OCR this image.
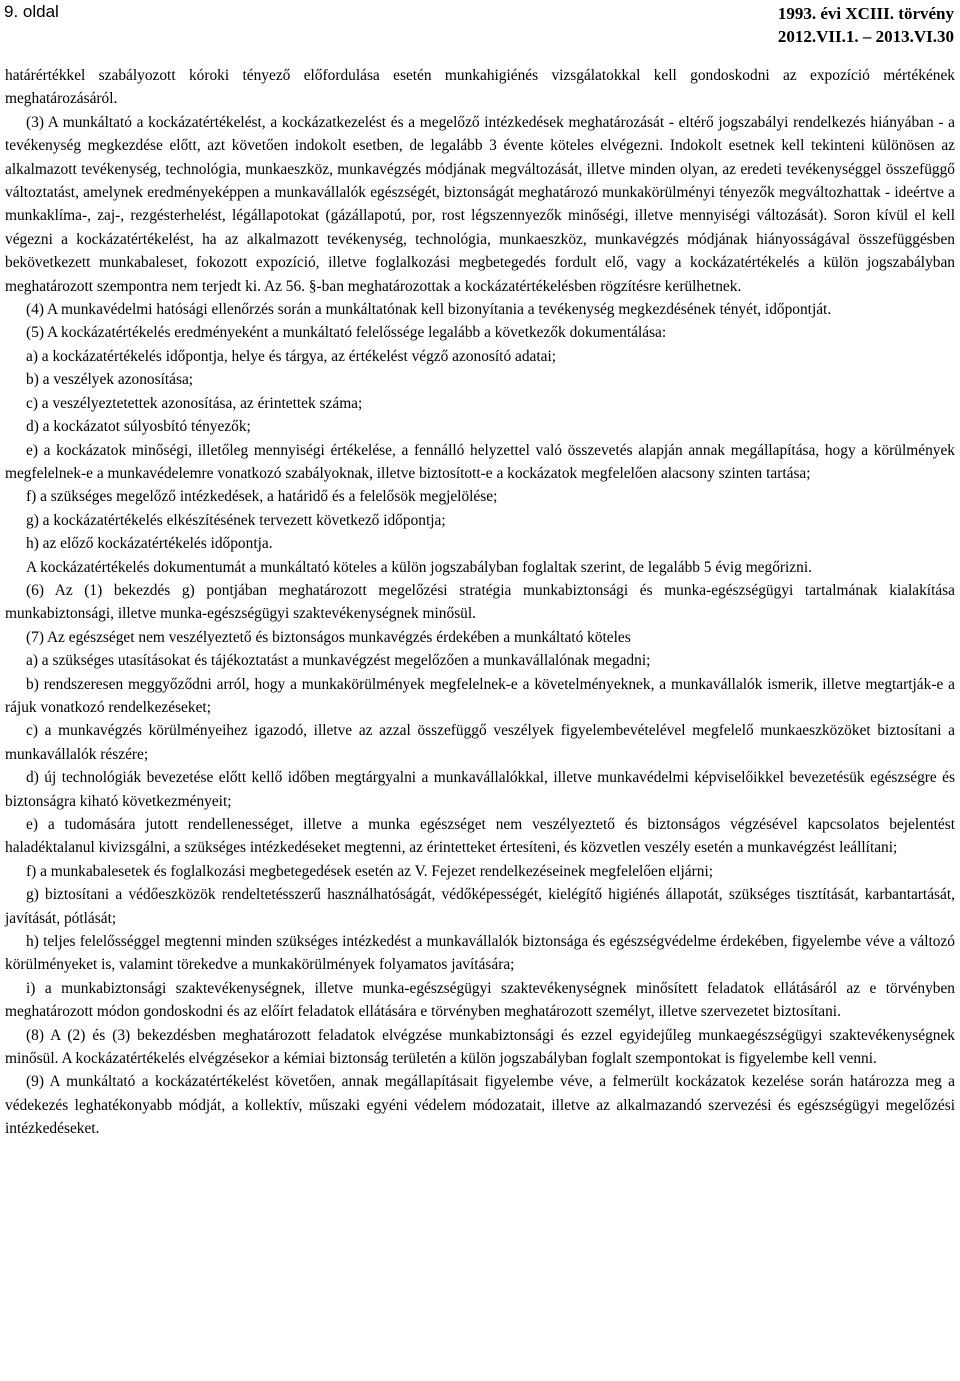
9. oldal	1993. évi XCIII. törvény
2012.VII.1. – 2013.VI.30

határértékkel szabályozott kóroki tényező előfordulása esetén munkahigiénés vizsgálatokkal kell gondoskodni az expozíció mértékének meghatározásáról.

(3) A munkáltató a kockázatértékelést, a kockázatkezelést és a megelőző intézkedések meghatározását - eltérő jogszabályi rendelkezés hiányában - a tevékenység megkezdése előtt, azt követően indokolt esetben, de legalább 3 évente köteles elvégezni. Indokolt esetnek kell tekinteni különösen az alkalmazott tevékenység, technológia, munkaeszköz, munkavégzés módjának megváltozását, illetve minden olyan, az eredeti tevékenységgel összefüggő változtatást, amelynek eredményeképpen a munkavállalók egészségét, biztonságát meghatározó munkakörülményi tényezők megváltozhattak - ideértve a munkaklíma-, zaj-, rezgésterhelést, légállapotokat (gázállapotú, por, rost légszennyezők minőségi, illetve mennyiségi változását). Soron kívül el kell végezni a kockázatértékelést, ha az alkalmazott tevékenység, technológia, munkaeszköz, munkavégzés módjának hiányosságával összefüggésben bekövetkezett munkabaleset, fokozott expozíció, illetve foglalkozási megbetegedés fordult elő, vagy a kockázatértékelés a külön jogszabályban meghatározott szempontra nem terjedt ki. Az 56. §-ban meghatározottak a kockázatértékelésben rögzítésre kerülhetnek.

(4) A munkavédelmi hatósági ellenőrzés során a munkáltatónak kell bizonyítania a tevékenység megkezdésének tényét, időpontját.

(5) A kockázatértékelés eredményeként a munkáltató felelőssége legalább a következők dokumentálása:

a) a kockázatértékelés időpontja, helye és tárgya, az értékelést végző azonosító adatai;

b) a veszélyek azonosítása;

c) a veszélyeztetettek azonosítása, az érintettek száma;

d) a kockázatot súlyosbító tényezők;

e) a kockázatok minőségi, illetőleg mennyiségi értékelése, a fennálló helyzettel való összevetés alapján annak megállapítása, hogy a körülmények megfelelnek-e a munkavédelemre vonatkozó szabályoknak, illetve biztosított-e a kockázatok megfelelően alacsony szinten tartása;

f) a szükséges megelőző intézkedések, a határidő és a felelősök megjelölése;

g) a kockázatértékelés elkészítésének tervezett következő időpontja;

h) az előző kockázatértékelés időpontja.

A kockázatértékelés dokumentumát a munkáltató köteles a külön jogszabályban foglaltak szerint, de legalább 5 évig megőrizni.

(6) Az (1) bekezdés g) pontjában meghatározott megelőzési stratégia munkabiztonsági és munka-egészségügyi tartalmának kialakítása munkabiztonsági, illetve munka-egészségügyi szaktevékenységnek minősül.

(7) Az egészséget nem veszélyeztető és biztonságos munkavégzés érdekében a munkáltató köteles

a) a szükséges utasításokat és tájékoztatást a munkavégzést megelőzően a munkavállalónak megadni;

b) rendszeresen meggyőződni arról, hogy a munkakörülmények megfelelnek-e a követelményeknek, a munkavállalók ismerik, illetve megtartják-e a rájuk vonatkozó rendelkezéseket;

c) a munkavégzés körülményeihez igazodó, illetve az azzal összefüggő veszélyek figyelembevételével megfelelő munkaeszközöket biztosítani a munkavállalók részére;

d) új technológiák bevezetése előtt kellő időben megtárgyalni a munkavállalókkal, illetve munkavédelmi képviselőikkel bevezetésük egészségre és biztonságra kiható következményeit;

e) a tudomására jutott rendellenességet, illetve a munka egészséget nem veszélyeztető és biztonságos végzésével kapcsolatos bejelentést haladéktalanul kivizsgálni, a szükséges intézkedéseket megtenni, az érintetteket értesíteni, és közvetlen veszély esetén a munkavégzést leállítani;

f) a munkabalesetek és foglalkozási megbetegedések esetén az V. Fejezet rendelkezéseinek megfelelően eljárni;

g) biztosítani a védőeszközök rendeltetésszerű használhatóságát, védőképességét, kielégítő higiénés állapotát, szükséges tisztítását, karbantartását, javítását, pótlását;

h) teljes felelősséggel megtenni minden szükséges intézkedést a munkavállalók biztonsága és egészségvédelme érdekében, figyelembe véve a változó körülményeket is, valamint törekedve a munkakörülmények folyamatos javítására;

i) a munkabiztonsági szaktevékenységnek, illetve munka-egészségügyi szaktevékenységnek minősített feladatok ellátásáról az e törvényben meghatározott módon gondoskodni és az előírt feladatok ellátására e törvényben meghatározott személyt, illetve szervezetet biztosítani.

(8) A (2) és (3) bekezdésben meghatározott feladatok elvégzése munkabiztonsági és ezzel egyidejűleg munkaegészségügyi szaktevékenységnek minősül. A kockázatértékelés elvégzésekor a kémiai biztonság területén a külön jogszabályban foglalt szempontokat is figyelembe kell venni.

(9) A munkáltató a kockázatértékelést követően, annak megállapításait figyelembe véve, a felmerült kockázatok kezelése során határozza meg a védekezés leghatékonyabb módját, a kollektív, műszaki egyéni védelem módozatait, illetve az alkalmazandó szervezési és egészségügyi megelőzési intézkedéseket.
